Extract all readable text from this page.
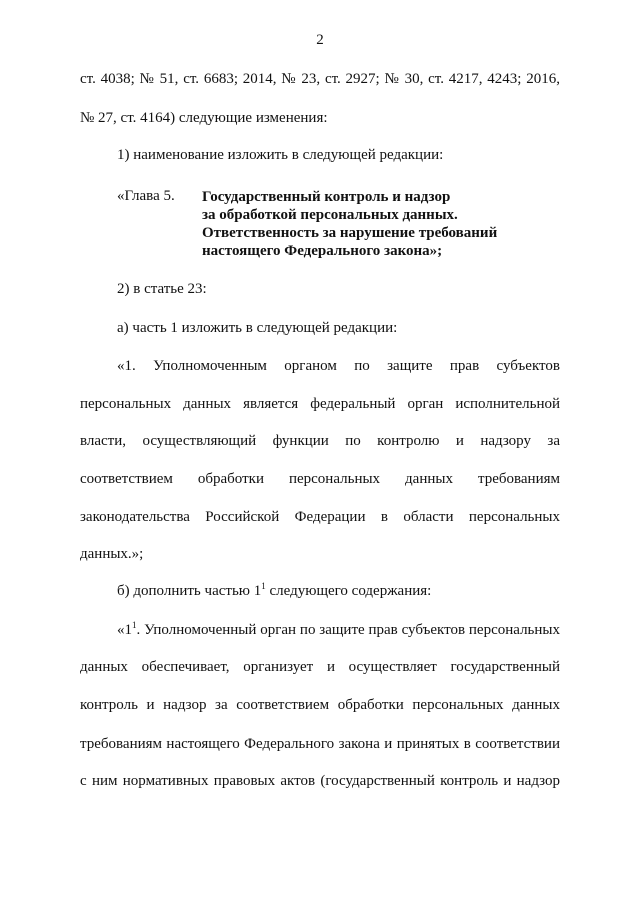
2
ст. 4038; № 51, ст. 6683; 2014, № 23, ст. 2927; № 30, ст. 4217, 4243; 2016,
№ 27, ст. 4164) следующие изменения:
1) наименование изложить в следующей редакции:
«Глава 5. Государственный контроль и надзор
за обработкой персональных данных.
Ответственность за нарушение требований
настоящего Федерального закона»;
2) в статье 23:
а) часть 1 изложить в следующей редакции:
«1. Уполномоченным органом по защите прав субъектов
персональных данных является федеральный орган исполнительной
власти, осуществляющий функции по контролю и надзору за
соответствием обработки персональных данных требованиям
законодательства Российской Федерации в области персональных
данных.»;
б) дополнить частью $1^1$ следующего содержания:
«$1^1$. Уполномоченный орган по защите прав субъектов персональных
данных обеспечивает, организует и осуществляет государственный
контроль и надзор за соответствием обработки персональных данных
требованиям настоящего Федерального закона и принятых в соответствии
с ним нормативных правовых актов (государственный контроль и надзор
